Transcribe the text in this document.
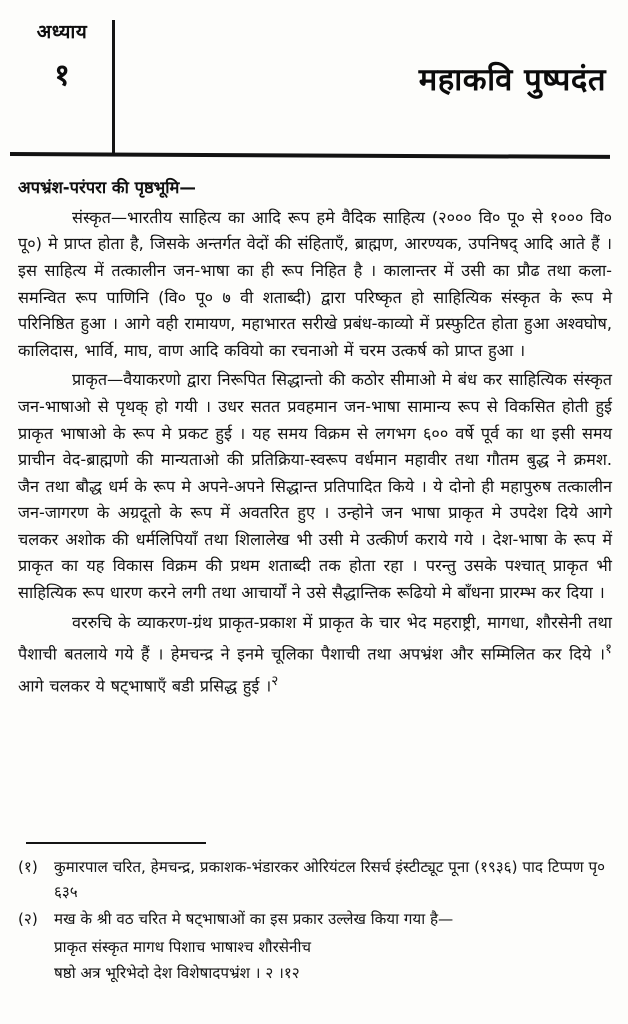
अध्याय
१	महाकवि पुष्पदंत
अपभ्रंश-परंपरा की पृष्ठभूमि—

संस्कृत—भारतीय साहित्य का आदि रूप हमे वैदिक साहित्य (२००० वि० पू० से १००० वि० पू०) मे प्राप्त होता है, जिसके अन्तर्गत वेदों की संहिताएँ, ब्राह्मण, आरण्यक, उपनिषद् आदि आते हैं । इस साहित्य में तत्कालीन जन-भाषा का ही रूप निहित है । कालान्तर में उसी का प्रौढ तथा कला-समन्वित रूप पाणिनि (वि० पू० ७ वी शताब्दी) द्वारा परिष्कृत हो साहित्यिक संस्कृत के रूप मे परिनिष्ठित हुआ । आगे वही रामायण, महाभारत सरीखे प्रबंध-काव्यो में प्रस्फुटित होता हुआ अश्वघोष, कालिदास, भार्वि, माघ, वाण आदि कवियो का रचनाओ में चरम उत्कर्ष को प्राप्त हुआ ।

प्राकृत—वैयाकरणो द्वारा निरूपित सिद्धान्तो की कठोर सीमाओ मे बंध कर साहित्यिक संस्कृत जन-भाषाओ से पृथक् हो गयी । उधर सतत प्रवहमान जन-भाषा सामान्य रूप से विकसित होती हुई प्राकृत भाषाओ के रूप मे प्रकट हुई । यह समय विक्रम से लगभग ६०० वर्षे पूर्व का था इसी समय प्राचीन वेद-ब्राह्मणो की मान्यताओ की प्रतिक्रिया-स्वरूप वर्धमान महावीर तथा गौतम बुद्ध ने क्रमश. जैन तथा बौद्ध धर्म के रूप मे अपने-अपने सिद्धान्त प्रतिपादित किये । ये दोनो ही महापुरुष तत्कालीन जन-जागरण के अग्रदूतो के रूप में अवतरित हुए । उन्होने जन भाषा प्राकृत मे उपदेश दिये आगे चलकर अशोक की धर्मलिपियाँ तथा शिलालेख भी उसी मे उत्कीर्ण कराये गये । देश-भाषा के रूप में प्राकृत का यह विकास विक्रम की प्रथम शताब्दी तक होता रहा । परन्तु उसके पश्चात् प्राकृत भी साहित्यिक रूप धारण करने लगी तथा आचार्यों ने उसे सैद्धान्तिक रूढियो मे बाँधना प्रारम्भ कर दिया ।

वररुचि के व्याकरण-ग्रंथ प्राकृत-प्रकाश में प्राकृत के चार भेद महराष्ट्री, मागधा, शौरसेनी तथा पैशाची बतलाये गये हैं । हेमचन्द्र ने इनमे चूलिका पैशाची तथा अपभ्रंश और सम्मिलित कर दिये ।$^१$ आगे चलकर ये षट्भाषाएँ बडी प्रसिद्ध हुई ।$^२$

(१)	कुमारपाल चरित, हेमचन्द्र, प्रकाशक-भंडारकर ओरियंटल रिसर्च इंस्टीट्यूट पूना (१९३६) पाद टिप्पण पृ० ६३५
(२)	मख के श्री वठ चरित मे षट्भाषाओं का इस प्रकार उल्लेख किया गया है—
प्राकृत संस्कृत मागध पिशाच भाषाश्च शौरसेनीच
षष्ठो अत्र भूरिभेदो देश विशेषादपभ्रंश । २ ।१२
